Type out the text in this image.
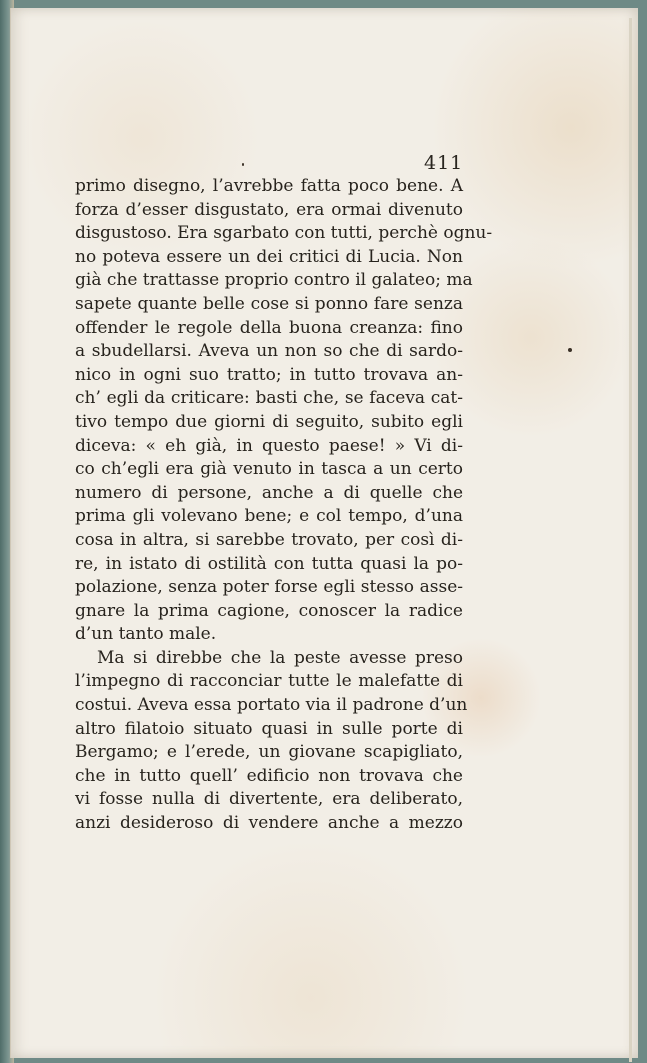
411
primo disegno, l’avrebbe fatta poco bene. A
forza d’esser disgustato, era ormai divenuto
disgustoso. Era sgarbato con tutti, perchè ognu-
no poteva essere un dei critici di Lucia. Non
già che trattasse proprio contro il galateo; ma
sapete quante belle cose si ponno fare senza
offender le regole della buona creanza: fino
a sbudellarsi. Aveva un non so che di sardo-
nico in ogni suo tratto; in tutto trovava an-
ch’ egli da criticare: basti che, se faceva cat-
tivo tempo due giorni di seguito, subito egli
diceva: « eh già, in questo paese! » Vi di-
co ch’egli era già venuto in tasca a un certo
numero di persone, anche a di quelle che
prima gli volevano bene; e col tempo, d’una
cosa in altra, si sarebbe trovato, per così di-
re, in istato di ostilità con tutta quasi la po-
polazione, senza poter forse egli stesso asse-
gnare la prima cagione, conoscer la radice
d’un tanto male.
Ma si direbbe che la peste avesse preso
l’impegno di racconciar tutte le malefatte di
costui. Aveva essa portato via il padrone d’un
altro filatoio situato quasi in sulle porte di
Bergamo; e l’erede, un giovane scapigliato,
che in tutto quell’ edificio non trovava che
vi fosse nulla di divertente, era deliberato,
anzi desideroso di vendere anche a mezzo
